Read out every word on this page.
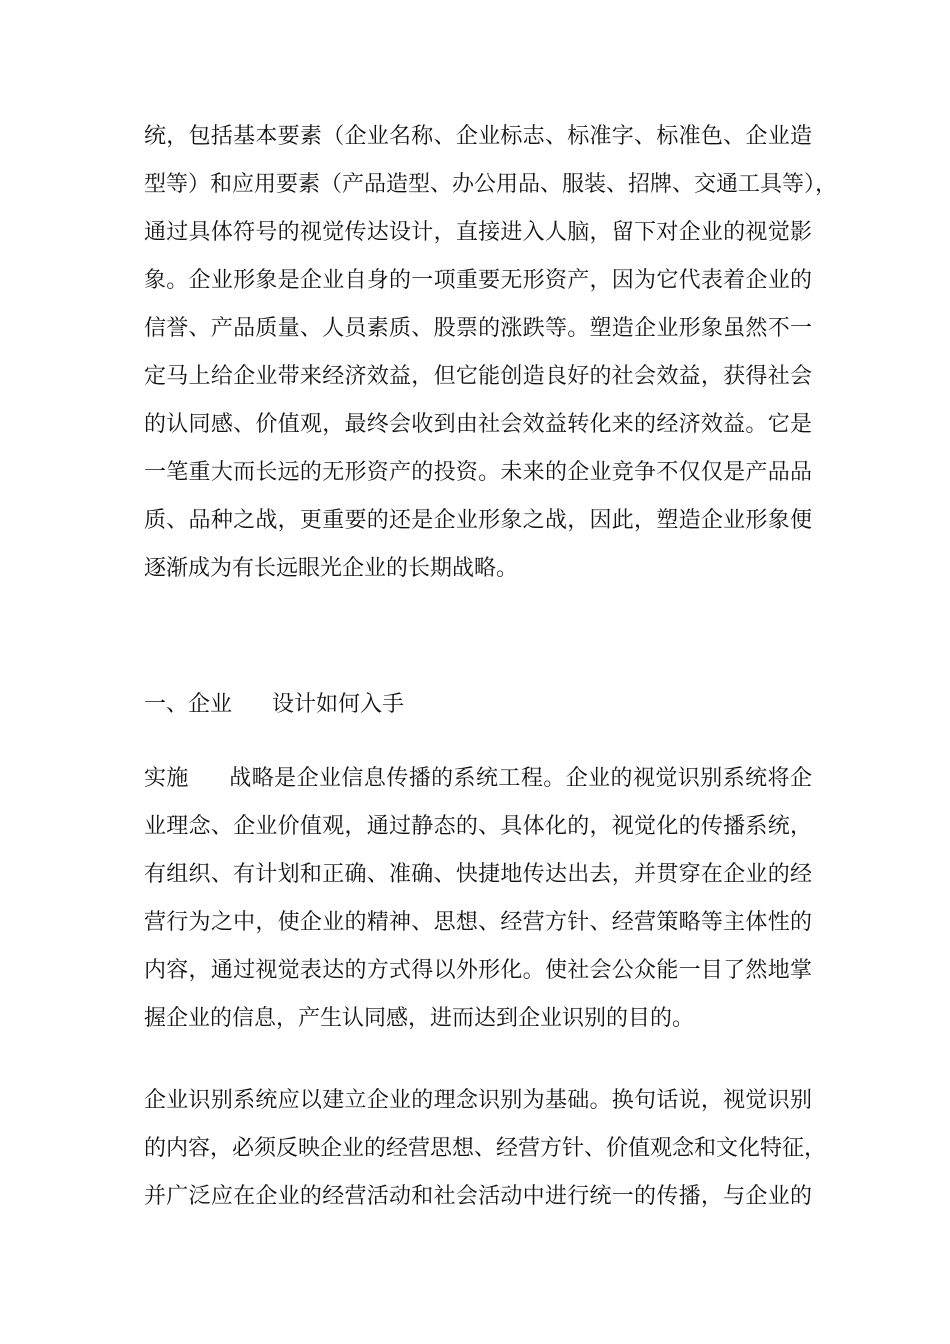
统，包括基本要素（企业名称、企业标志、标准字、标准色、企业造
型等）和应用要素（产品造型、办公用品、服装、招牌、交通工具等），
通过具体符号的视觉传达设计，直接进入人脑，留下对企业的视觉影
象。企业形象是企业自身的一项重要无形资产，因为它代表着企业的
信誉、产品质量、人员素质、股票的涨跌等。塑造企业形象虽然不一
定马上给企业带来经济效益，但它能创造良好的社会效益，获得社会
的认同感、价值观，最终会收到由社会效益转化来的经济效益。它是
一笔重大而长远的无形资产的投资。未来的企业竞争不仅仅是产品品
质、品种之战，更重要的还是企业形象之战，因此，塑造企业形象便
逐渐成为有长远眼光企业的长期战略。
一、企业 设计如何入手
实施 战略是企业信息传播的系统工程。企业的视觉识别系统将企
业理念、企业价值观，通过静态的、具体化的，视觉化的传播系统，
有组织、有计划和正确、准确、快捷地传达出去，并贯穿在企业的经
营行为之中，使企业的精神、思想、经营方针、经营策略等主体性的
内容，通过视觉表达的方式得以外形化。使社会公众能一目了然地掌
握企业的信息，产生认同感，进而达到企业识别的目的。
企业识别系统应以建立企业的理念识别为基础。换句话说，视觉识别
的内容，必须反映企业的经营思想、经营方针、价值观念和文化特征，
并广泛应在企业的经营活动和社会活动中进行统一的传播，与企业的
